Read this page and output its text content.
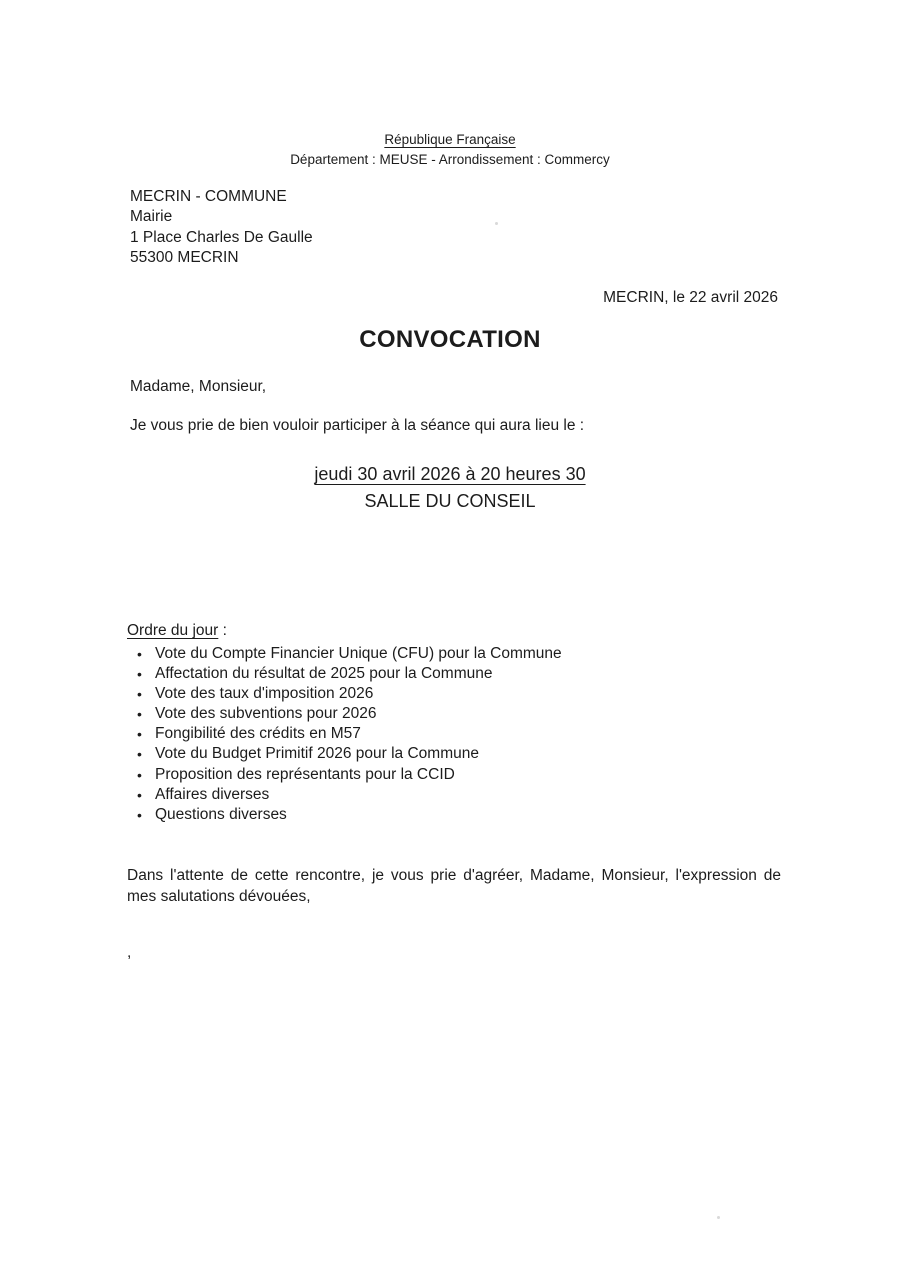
République Française
Département : MEUSE - Arrondissement : Commercy
MECRIN - COMMUNE
Mairie
1 Place Charles De Gaulle
55300 MECRIN
MECRIN, le 22 avril 2026
CONVOCATION
Madame, Monsieur,
Je vous prie de bien vouloir participer à la séance qui aura lieu le :
jeudi 30 avril 2026 à 20 heures 30
SALLE DU CONSEIL
Ordre du jour :
• Vote du Compte Financier Unique (CFU) pour la Commune
• Affectation du résultat de 2025 pour la Commune
• Vote des taux d'imposition 2026
• Vote des subventions pour 2026
• Fongibilité des crédits en M57
• Vote du Budget Primitif 2026 pour la Commune
• Proposition des représentants pour la CCID
• Affaires diverses
• Questions diverses
Dans l'attente de cette rencontre, je vous prie d'agréer, Madame, Monsieur, l'expression de mes salutations dévouées,
,
